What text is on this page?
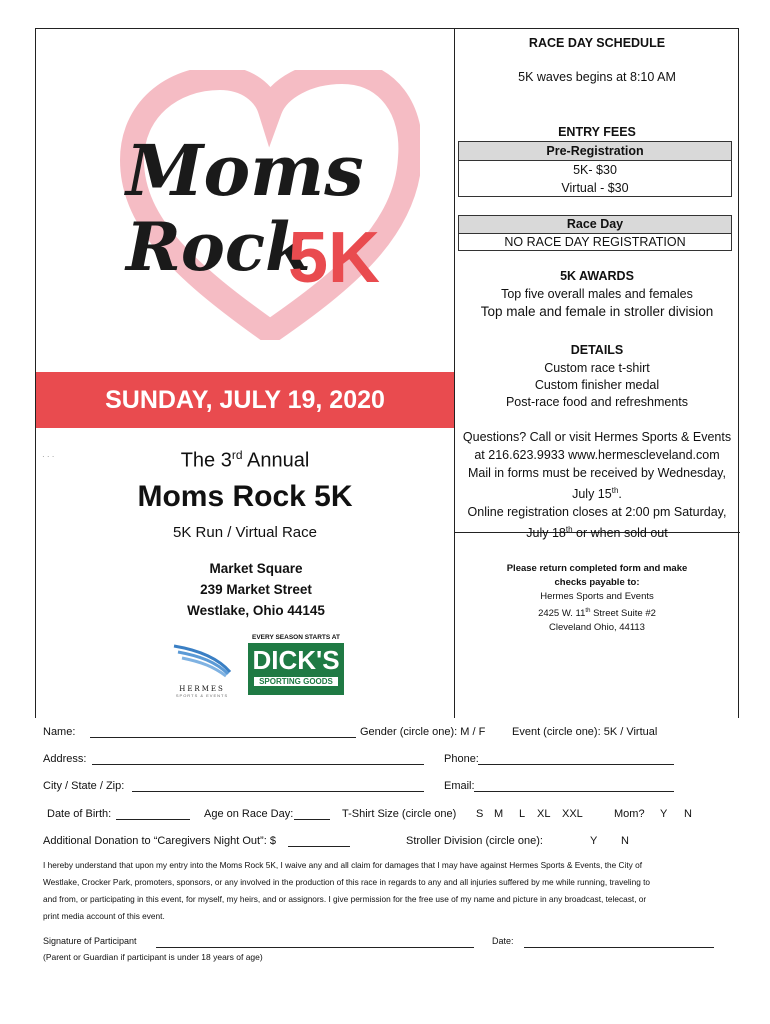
Moms
Rock
5K
SUNDAY, JULY 19, 2020
· · ·	The 3rd Annual
Moms Rock 5K
5K Run / Virtual Race
Market Square
239 Market Street
Westlake, Ohio 44145
HERMES
SPORTS & EVENTS
EVERY SEASON STARTS AT
DICK'S
SPORTING GOODS
RACE DAY SCHEDULE
5K waves begins at 8:10 AM
ENTRY FEES
Pre-Registration
5K- $30
Virtual - $30
Race Day
NO RACE DAY REGISTRATION
5K AWARDS
Top five overall males and females
Top male and female in stroller division
DETAILS
Custom race t-shirt
Custom finisher medal
Post-race food and refreshments
Questions? Call or visit Hermes Sports & Events
at 216.623.9933 www.hermescleveland.com
Mail in forms must be received by Wednesday,
July 15th.
Online registration closes at 2:00 pm Saturday,
July 18th or when sold out
Please return completed form and make
checks payable to:
Hermes Sports and Events
2425 W. 11th Street Suite #2
Cleveland Ohio, 44113
Name:	Gender (circle one): M / F Event (circle one): 5K / Virtual
Address:	Phone:
City / State / Zip:	Email:
Date of Birth:	Age on Race Day:	T-Shirt Size (circle one) S M L XL XXL	Mom? Y N
Additional Donation to “Caregivers Night Out”: $	Stroller Division (circle one):	Y N
I hereby understand that upon my entry into the Moms Rock 5K, I waive any and all claim for damages that I may have against Hermes Sports & Events, the City of
Westlake, Crocker Park, promoters, sponsors, or any involved in the production of this race in regards to any and all injuries suffered by me while running, traveling to
and from, or participating in this event, for myself, my heirs, and or assignors. I give permission for the free use of my name and picture in any broadcast, telecast, or
print media account of this event.
Signature of Participant	Date:
(Parent or Guardian if participant is under 18 years of age)
